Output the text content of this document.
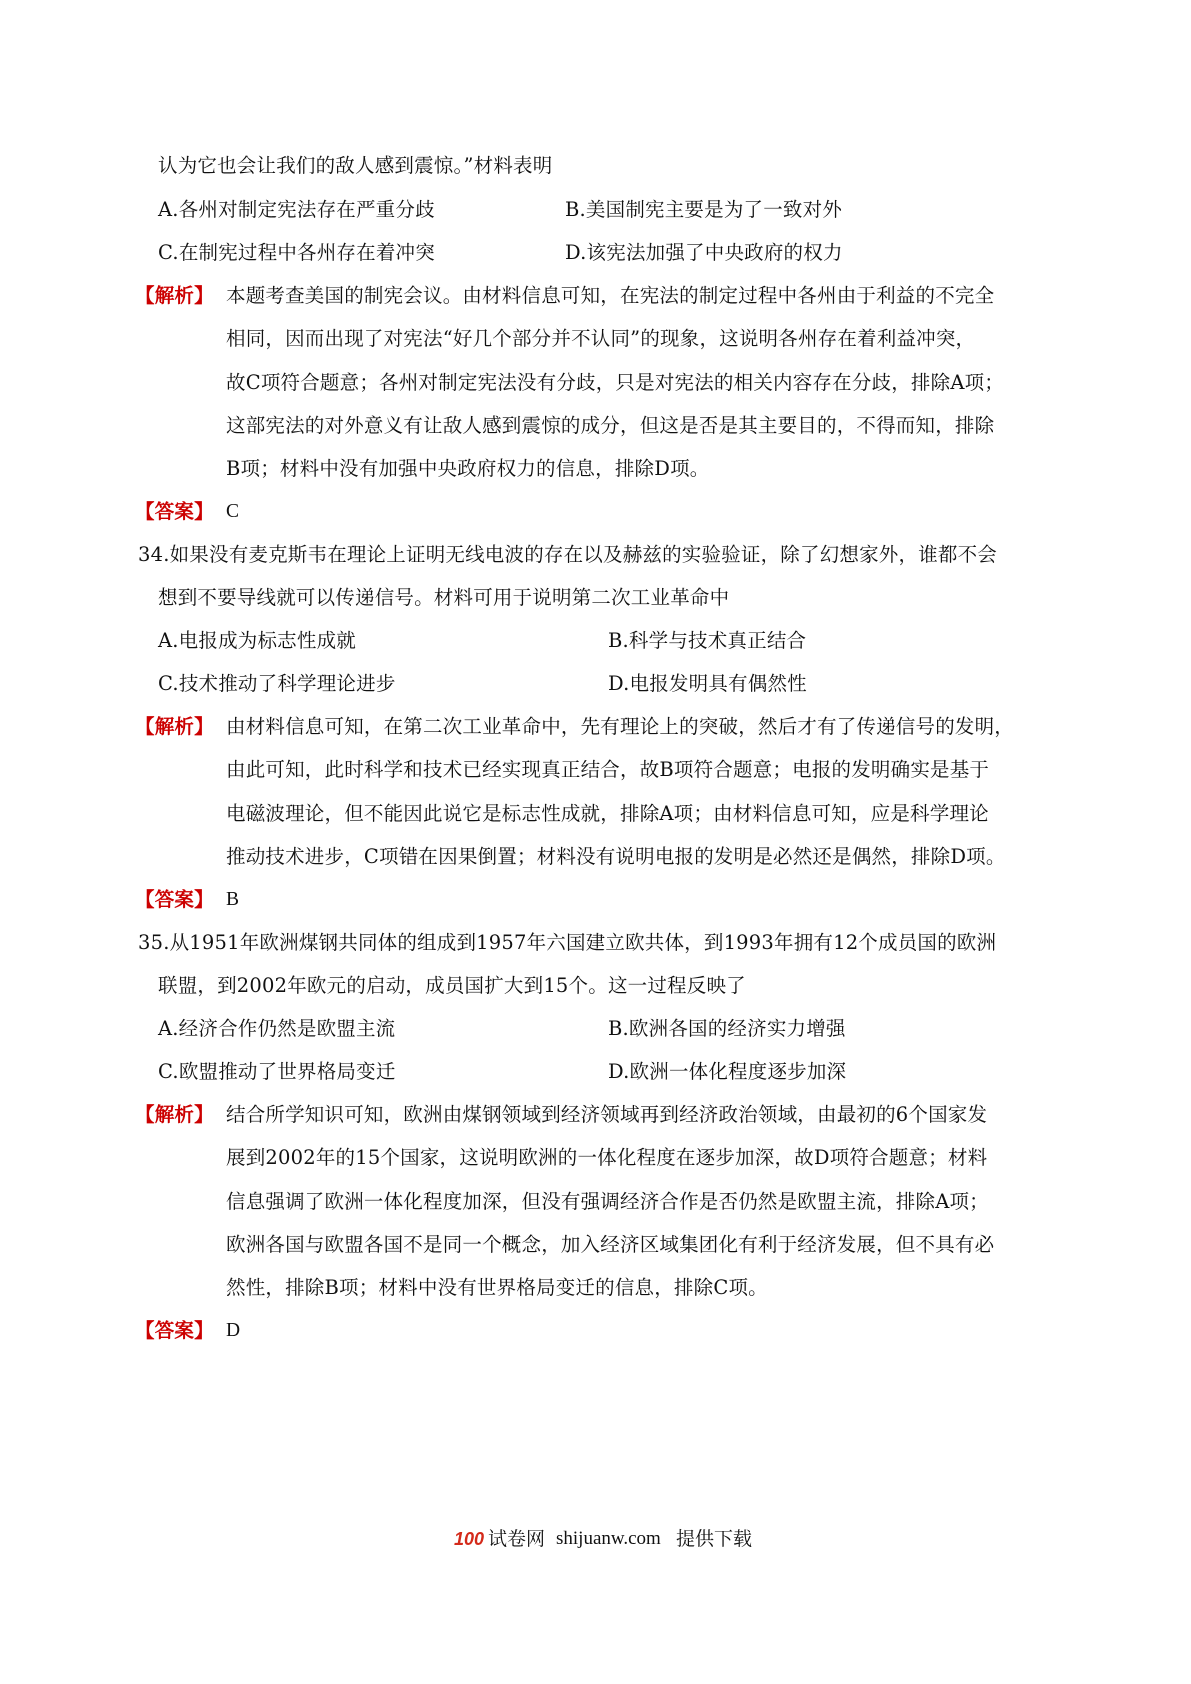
认为它也会让我们的敌人感到震惊。”材料表明
A.各州对制定宪法存在严重分歧	B.美国制宪主要是为了一致对外
C.在制宪过程中各州存在着冲突	D.该宪法加强了中央政府的权力
【解析】 本题考查美国的制宪会议。由材料信息可知，在宪法的制定过程中各州由于利益的不完全
相同，因而出现了对宪法“好几个部分并不认同”的现象，这说明各州存在着利益冲突，
故C项符合题意；各州对制定宪法没有分歧，只是对宪法的相关内容存在分歧，排除A项；
这部宪法的对外意义有让敌人感到震惊的成分，但这是否是其主要目的，不得而知，排除
B项；材料中没有加强中央政府权力的信息，排除D项。
【答案】 C
34.如果没有麦克斯韦在理论上证明无线电波的存在以及赫兹的实验验证，除了幻想家外，谁都不会
想到不要导线就可以传递信号。材料可用于说明第二次工业革命中
A.电报成为标志性成就	B.科学与技术真正结合
C.技术推动了科学理论进步	D.电报发明具有偶然性
【解析】 由材料信息可知，在第二次工业革命中，先有理论上的突破，然后才有了传递信号的发明，
由此可知，此时科学和技术已经实现真正结合，故B项符合题意；电报的发明确实是基于
电磁波理论，但不能因此说它是标志性成就，排除A项；由材料信息可知，应是科学理论
推动技术进步，C项错在因果倒置；材料没有说明电报的发明是必然还是偶然，排除D项。
【答案】 B
35.从1951年欧洲煤钢共同体的组成到1957年六国建立欧共体，到1993年拥有12个成员国的欧洲
联盟，到2002年欧元的启动，成员国扩大到15个。这一过程反映了
A.经济合作仍然是欧盟主流	B.欧洲各国的经济实力增强
C.欧盟推动了世界格局变迁	D.欧洲一体化程度逐步加深
【解析】 结合所学知识可知，欧洲由煤钢领域到经济领域再到经济政治领域，由最初的6个国家发
展到2002年的15个国家，这说明欧洲的一体化程度在逐步加深，故D项符合题意；材料
信息强调了欧洲一体化程度加深，但没有强调经济合作是否仍然是欧盟主流，排除A项；
欧洲各国与欧盟各国不是同一个概念，加入经济区域集团化有利于经济发展，但不具有必
然性，排除B项；材料中没有世界格局变迁的信息，排除C项。
【答案】 D
100 试卷网 shijuanw.com 提供下载
